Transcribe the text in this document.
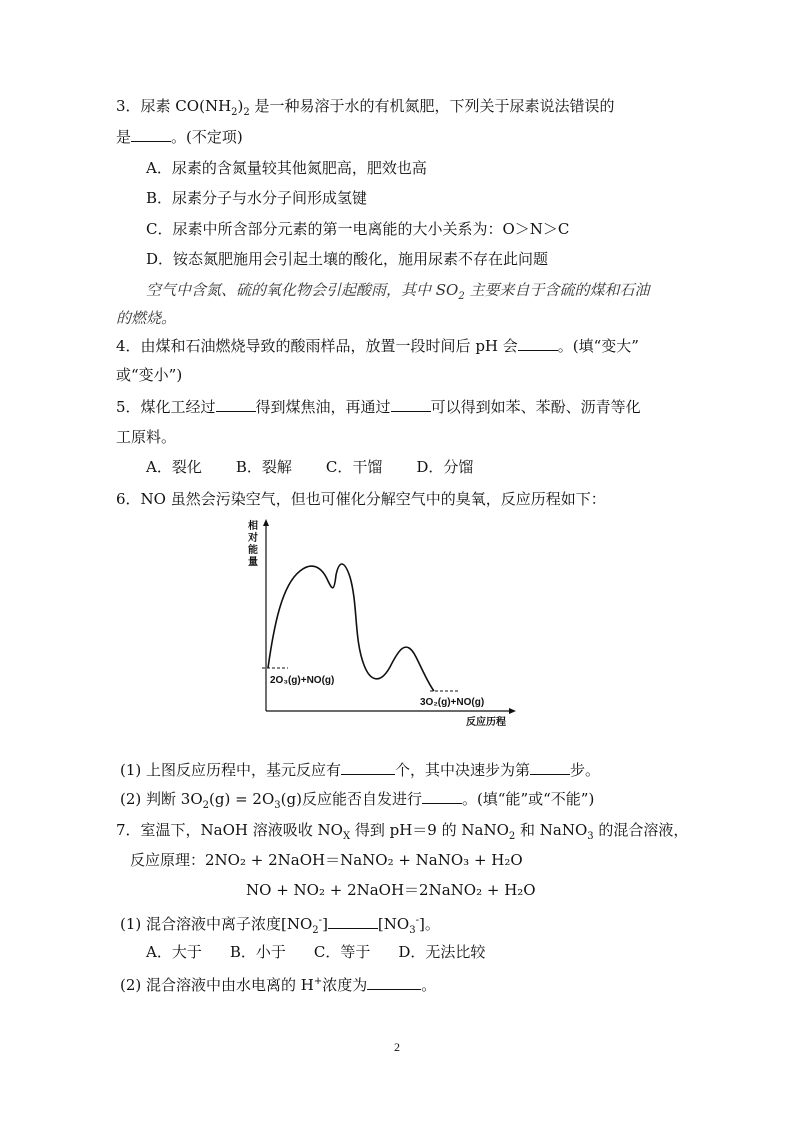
3．尿素 $CO(NH_2)_2$ 是一种易溶于水的有机氮肥，下列关于尿素说法错误的
是	。(不定项)
A．尿素的含氮量较其他氮肥高，肥效也高
B．尿素分子与水分子间形成氢键
C．尿素中所含部分元素的第一电离能的大小关系为：O＞N＞C
D．铵态氮肥施用会引起土壤的酸化，施用尿素不存在此问题
空气中含氮、硫的氧化物会引起酸雨，其中 $SO_2$ 主要来自于含硫的煤和石油
的燃烧。
4．由煤和石油燃烧导致的酸雨样品，放置一段时间后 pH 会	。(填“变大”
或“变小”)
5．煤化工经过	得到煤焦油，再通过	可以得到如苯、苯酚、沥青等化
工原料。
A．裂化 B．裂解 C．干馏 D．分馏
6．NO 虽然会污染空气，但也可催化分解空气中的臭氧，反应历程如下：
相 对 能 量
2O₃(g)+NO(g)
3O₂(g)+NO(g)
反应历程
(1) 上图反应历程中，基元反应有	个，其中决速步为第	步。
(2) 判断 $3O_2(g) = 2O_3(g)$反应能否自发进行	。(填“能”或“不能”)
7．室温下，NaOH 溶液吸收 $NO_X$ 得到 pH＝9 的 NaNO$_2$ 和 NaNO$_3$ 的混合溶液，
反应原理：2NO₂ + 2NaOH＝NaNO₂ + NaNO₃ + H₂O
NO + NO₂ + 2NaOH＝2NaNO₂ + H₂O
(1) 混合溶液中离子浓度$[NO_2^-]$	$[NO_3^-]$。
A．大于 B．小于 C．等于 D．无法比较
(2) 混合溶液中由水电离的 H+浓度为	。
2
